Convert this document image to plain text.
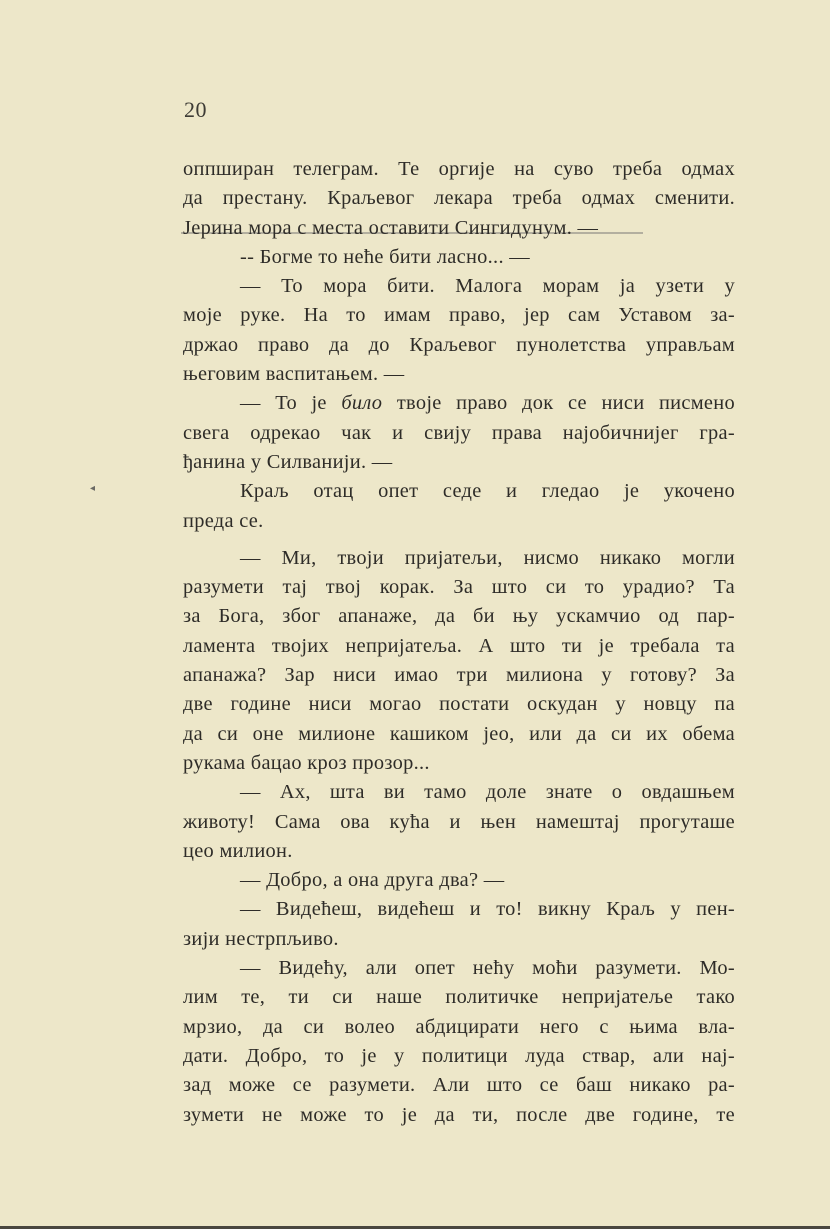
20
◂
оппширан телеграм. Те оргије на суво треба одмах
да престану. Краљевог лекара треба одмах сменити.
Јерина мора с места оставити Сингидунум. —
-- Богме то неће бити ласно... —
— То мора бити. Малога морам ја узети у
моје руке. На то имам право, јер сам Уставом за-
држао право да до Краљевог пунолетства управљам
његовим васпитањем. —
— То је било твоје право док се ниси писмено
свега одрекао чак и свију права најобичнијег гра-
ђанина у Силванији. —
Краљ отац опет седе и гледао је укочено
преда се.
— Ми, твоји пријатељи, нисмо никако могли
разумети тај твој корак. За што си то урадио? Та
за Бога, због апанаже, да би њу ускамчио од пар-
ламента твојих непријатеља. А што ти је требала та
апанажа? Зар ниси имао три милиона у готову? За
две године ниси могао постати оскудан у новцу па
да си оне милионе кашиком јео, или да си их обема
рукама бацао кроз прозор...
— Ах, шта ви тамо доле знате о овдашњем
животу! Сама ова кућа и њен намештај прогуташе
цео милион.
— Добро, а она друга два? —
— Видећеш, видећеш и то! викну Краљ у пен-
зији нестрпљиво.
— Видећу, али опет нећу моћи разумети. Мо-
лим те, ти си наше политичке непријатеље тако
мрзио, да си волео абдицирати него с њима вла-
дати. Добро, то је у политици луда ствар, али нај-
зад може се разумети. Али што се баш никако ра-
зумети не може то је да ти, после две године, те
